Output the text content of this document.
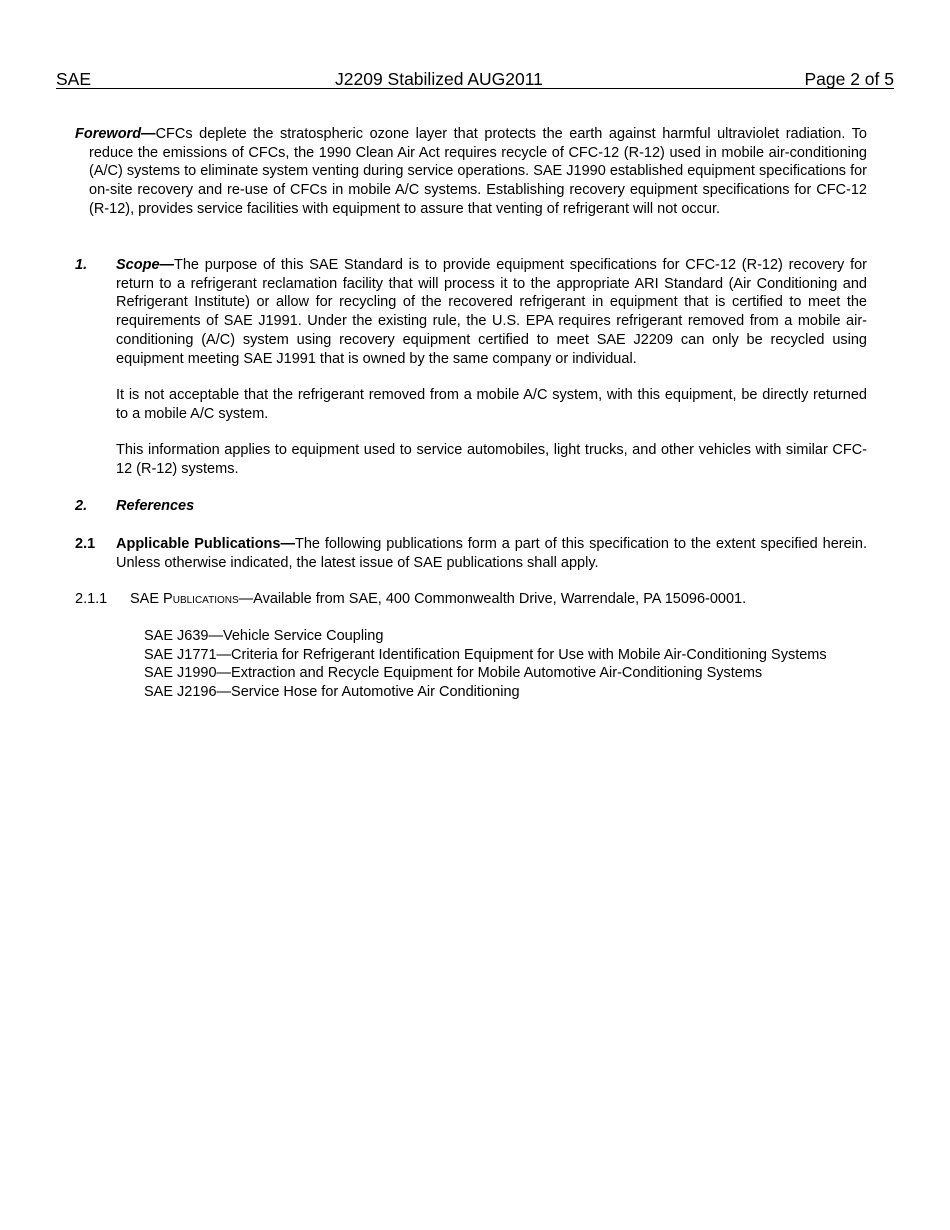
SAE	J2209 Stabilized AUG2011	Page 2 of 5
Foreword—CFCs deplete the stratospheric ozone layer that protects the earth against harmful ultraviolet radiation. To reduce the emissions of CFCs, the 1990 Clean Air Act requires recycle of CFC-12 (R-12) used in mobile air-conditioning (A/C) systems to eliminate system venting during service operations. SAE J1990 established equipment specifications for on-site recovery and re-use of CFCs in mobile A/C systems. Establishing recovery equipment specifications for CFC-12 (R-12), provides service facilities with equipment to assure that venting of refrigerant will not occur.
1. Scope—The purpose of this SAE Standard is to provide equipment specifications for CFC-12 (R-12) recovery for return to a refrigerant reclamation facility that will process it to the appropriate ARI Standard (Air Conditioning and Refrigerant Institute) or allow for recycling of the recovered refrigerant in equipment that is certified to meet the requirements of SAE J1991. Under the existing rule, the U.S. EPA requires refrigerant removed from a mobile air-conditioning (A/C) system using recovery equipment certified to meet SAE J2209 can only be recycled using equipment meeting SAE J1991 that is owned by the same company or individual.
It is not acceptable that the refrigerant removed from a mobile A/C system, with this equipment, be directly returned to a mobile A/C system.
This information applies to equipment used to service automobiles, light trucks, and other vehicles with similar CFC-12 (R-12) systems.
2. References
2.1 Applicable Publications—The following publications form a part of this specification to the extent specified herein. Unless otherwise indicated, the latest issue of SAE publications shall apply.
2.1.1 SAE Publications—Available from SAE, 400 Commonwealth Drive, Warrendale, PA 15096-0001.
SAE J639—Vehicle Service Coupling
SAE J1771—Criteria for Refrigerant Identification Equipment for Use with Mobile Air-Conditioning Systems
SAE J1990—Extraction and Recycle Equipment for Mobile Automotive Air-Conditioning Systems
SAE J2196—Service Hose for Automotive Air Conditioning
